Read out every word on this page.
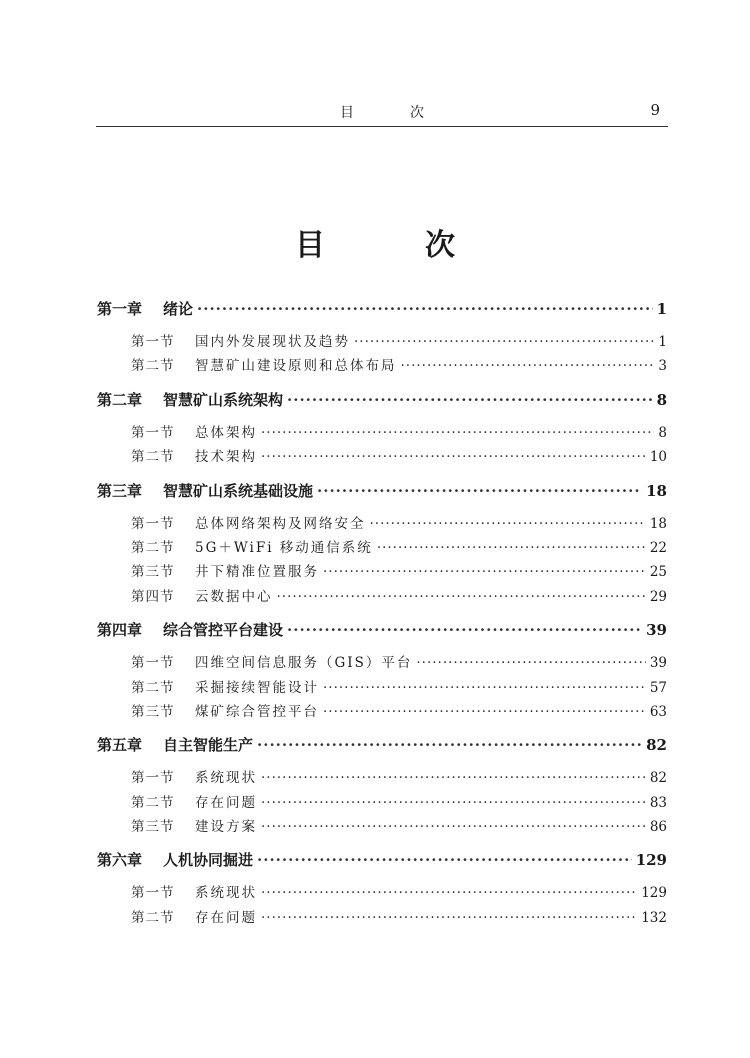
目次	9
目次
第一章 绪论 ·····	1
第一节 国内外发展现状及趋势 ·····	1
第二节 智慧矿山建设原则和总体布局 ·····	3
第二章 智慧矿山系统架构 ·····	8
第一节 总体架构 ·····	8
第二节 技术架构 ·····	10
第三章 智慧矿山系统基础设施 ·····	18
第一节 总体网络架构及网络安全 ·····	18
第二节 5G＋WiFi 移动通信系统 ·····	22
第三节 井下精准位置服务 ·····	25
第四节 云数据中心 ·····	29
第四章 综合管控平台建设 ·····	39
第一节 四维空间信息服务（GIS）平台 ·····	39
第二节 采掘接续智能设计 ·····	57
第三节 煤矿综合管控平台 ·····	63
第五章 自主智能生产 ·····	82
第一节 系统现状 ·····	82
第二节 存在问题 ·····	83
第三节 建设方案 ·····	86
第六章 人机协同掘进 ·····	129
第一节 系统现状 ·····	129
第二节 存在问题 ·····	132
